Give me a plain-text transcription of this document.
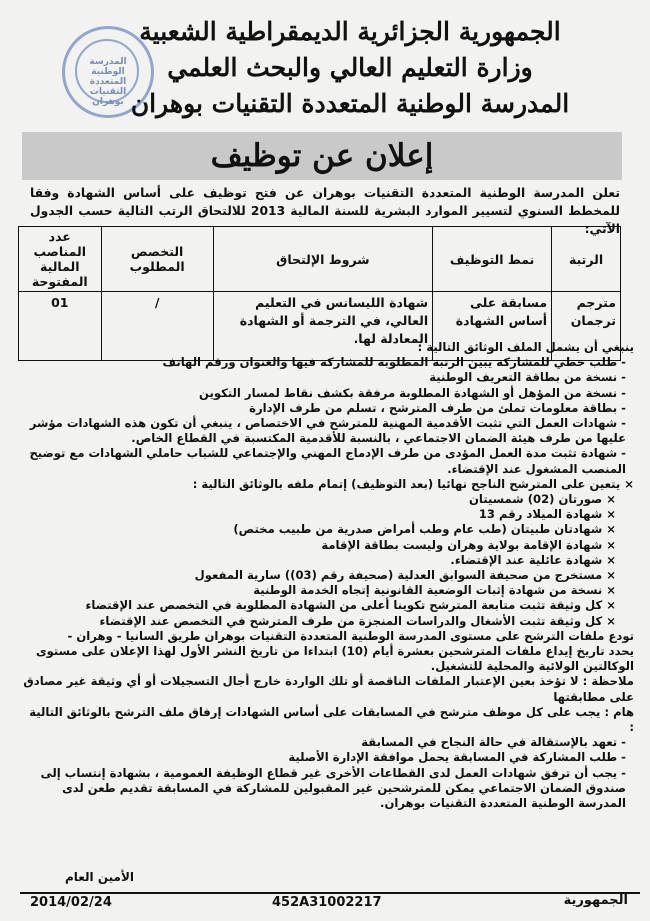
المدرسة الوطنية المتعددة التقنيات بوهران
الجمهورية الجزائرية الديمقراطية الشعبية
وزارة التعليم العالي والبحث العلمي
المدرسة الوطنية المتعددة التقنيات بوهران
إعلان عن توظيف
تعلن المدرسة الوطنية المتعددة التقنيات بوهران عن فتح توظيف على أساس الشهادة وفقا للمخطط السنوي لتسيير الموارد البشرية للسنة المالية 2013 للالتحاق الرتب التالية حسب الجدول الآتي:
الرتبة	نمط التوظيف	شروط الإلتحاق	التخصص المطلوب	عدد المناصب المالية المفتوحة
مترجم ترجمان	مسابقة على أساس الشهادة	شهادة الليسانس في التعليم العالي، في الترجمة أو الشهادة المعادلة لها.	/	01

ينبغي أن يشمل الملف الوثائق التالية :

- طلب خطي للمشاركة يبين الرتبة المطلوبة للمشاركة فيها والعنوان ورقم الهاتف

- نسخة من بطاقة التعريف الوطنية

- نسخة من المؤهل أو الشهادة المطلوبة مرفقة بكشف نقاط لمسار التكوين

- بطاقة معلومات تملئ من طرف المترشح ، تسلم من طرف الإدارة

- شهادات العمل التي تثبت الأقدمية المهنية للمترشح في الاختصاص ، ينبغي أن تكون هذه الشهادات مؤشر عليها من طرف هيئة الضمان الاجتماعي ، بالنسبة للأقدمية المكتسبة في القطاع الخاص.

- شهادة تثبت مدة العمل المؤدى من طرف الإدماج المهني والإجتماعي للشباب حاملي الشهادات مع توضيح المنصب المشغول عند الإقتضاء.

× يتعين على المترشح الناجح نهائيا (بعد التوظيف) إتمام ملفه بالوثائق التالية :

× صورتان (02) شمسيتان

× شهادة الميلاد رقم 13

× شهادتان طبيتان (طب عام وطب أمراض صدرية من طبيب مختص)

× شهادة الإقامة بولاية وهران وليست بطاقة الإقامة

× شهادة عائلية عند الإقتضاء.

× مستخرج من صحيفة السوابق العدلية (صحيفة رقم (03)) سارية المفعول

× نسخة من شهادة إثبات الوضعية القانونية إتجاه الخدمة الوطنية

× كل وثيقة تثبت متابعة المترشح تكوينا أعلى من الشهادة المطلوبة في التخصص عند الإقتضاء

× كل وثيقة تثبت الأشغال والدراسات المنجزة من طرف المترشح في التخصص عند الإقتضاء

تودع ملفات الترشح على مستوى المدرسة الوطنية المتعددة التقنيات بوهران طريق السانيا - وهران -

يحدد تاريخ إيداع ملفات المترشحين بعشرة أيام (10) ابتداءا من تاريخ النشر الأول لهذا الإعلان على مستوى الوكالتين الولائية والمحلية للتشغيل.

ملاحظة : لا تؤخذ بعين الإعتبار الملفات الناقصة أو تلك الواردة خارج أجال التسجيلات أو أي وثيقة غير مصادق على مطابقتها

هام : يجب على كل موظف مترشح في المسابقات على أساس الشهادات إرفاق ملف الترشح بالوثائق التالية :

- تعهد بالإستقالة في حالة النجاح في المسابقة

- طلب المشاركة في المسابقة يحمل موافقة الإدارة الأصلية

- يجب أن ترفق شهادات العمل لدى القطاعات الأخرى غير قطاع الوظيفة العمومية ، بشهادة إنتساب إلى صندوق الضمان الاجتماعي يمكن للمترشحين غير المقبولين للمشاركة في المسابقة تقديم طعن لدى المدرسة الوطنية المتعددة التقنيات بوهران.

الأمين العام
2014/02/24	452A31002217	الجمهورية
